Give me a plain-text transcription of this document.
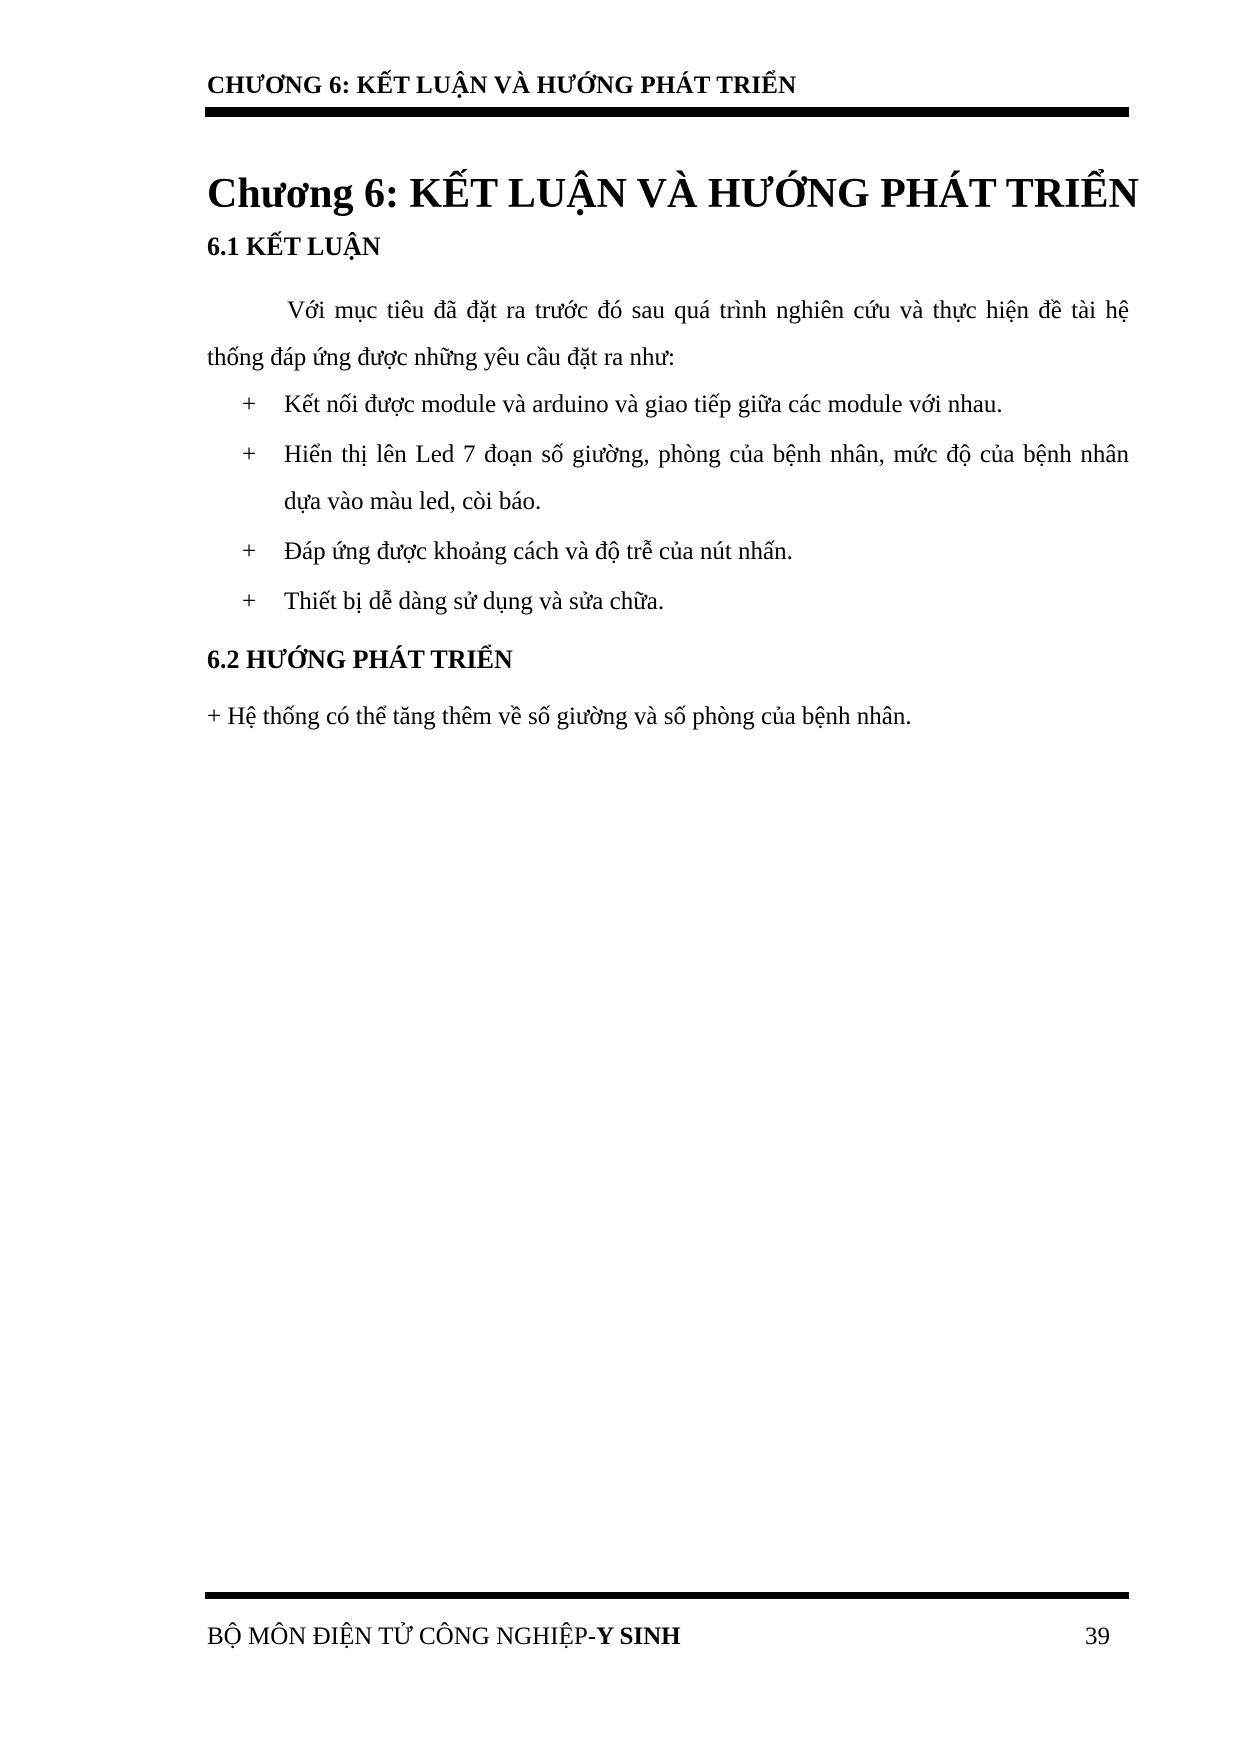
CHƯƠNG 6: KẾT LUẬN VÀ HƯỚNG PHÁT TRIỂN
Chương 6: KẾT LUẬN VÀ HƯỚNG PHÁT TRIỂN
6.1 KẾT LUẬN

Với mục tiêu đã đặt ra trước đó sau quá trình nghiên cứu và thực hiện đề tài hệ thống đáp ứng được những yêu cầu đặt ra như:

+ Kết nối được module và arduino và giao tiếp giữa các module với nhau.
+ Hiển thị lên Led 7 đoạn số giường, phòng của bệnh nhân, mức độ của bệnh nhân dựa vào màu led, còi báo.
+ Đáp ứng được khoảng cách và độ trễ của nút nhấn.
+ Thiết bị dễ dàng sử dụng và sửa chữa.
6.2 HƯỚNG PHÁT TRIỂN
+ Hệ thống có thể tăng thêm về số giường và số phòng của bệnh nhân.
BỘ MÔN ĐIỆN TỬ CÔNG NGHIỆP-Y SINH	39
